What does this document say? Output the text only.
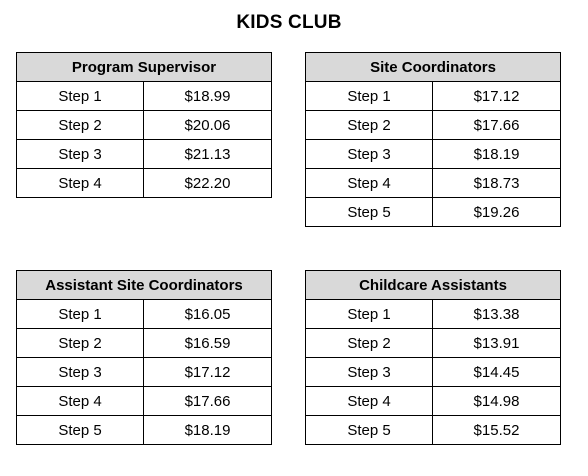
KIDS CLUB
Program Supervisor	
Step 1	$18.99
Step 2	$20.06
Step 3	$21.13
Step 4	$22.20
Site Coordinators	
Step 1	$17.12
Step 2	$17.66
Step 3	$18.19
Step 4	$18.73
Step 5	$19.26
Assistant Site Coordinators	
Step 1	$16.05
Step 2	$16.59
Step 3	$17.12
Step 4	$17.66
Step 5	$18.19
Childcare Assistants	
Step 1	$13.38
Step 2	$13.91
Step 3	$14.45
Step 4	$14.98
Step 5	$15.52
